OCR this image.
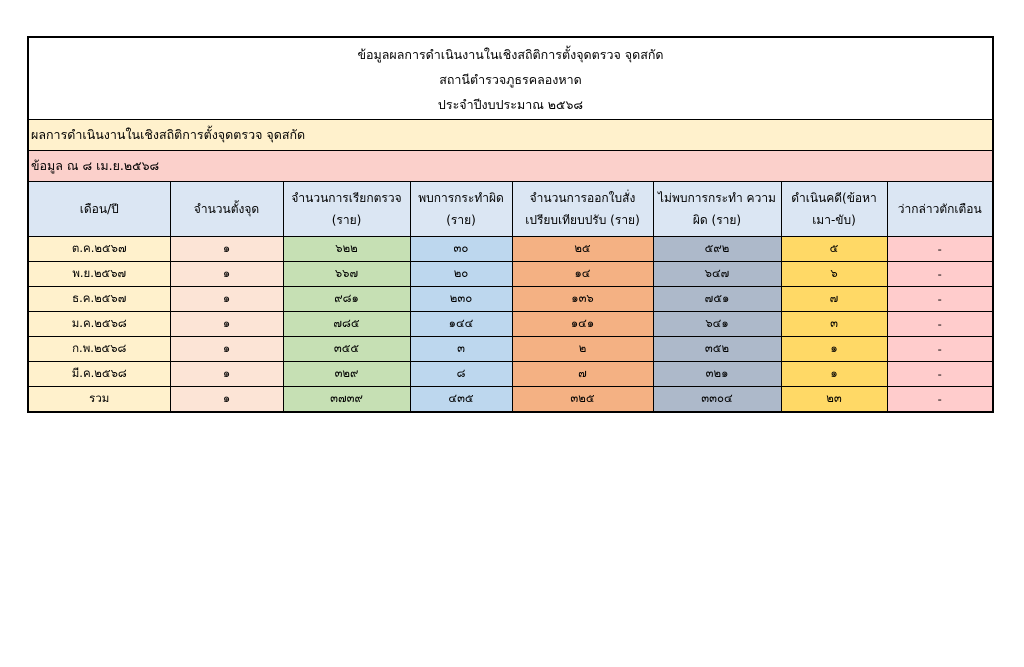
ข้อมูลผลการดำเนินงานในเชิงสถิติการตั้งจุดตรวจ จุดสกัด
สถานีตำรวจภูธรคลองหาด
ประจำปีงบประมาณ ๒๕๖๘
ผลการดำเนินงานในเชิงสถิติการตั้งจุดตรวจ จุดสกัด
ข้อมูล ณ ๘ เม.ย.๒๕๖๘
เดือน/ปี	จำนวนตั้งจุด	จำนวนการเรียกตรวจ (ราย)	พบการกระทำผิด (ราย)	จำนวนการออกใบสั่ง เปรียบเทียบปรับ (ราย)	ไม่พบการกระทำ ความผิด (ราย)	ดำเนินคดี(ข้อหา เมา-ขับ)	ว่ากล่าวตักเตือน
ต.ค.๒๕๖๗	๑	๖๒๒	๓๐	๒๕	๕๙๒	๕	-
พ.ย.๒๕๖๗	๑	๖๖๗	๒๐	๑๔	๖๔๗	๖	-
ธ.ค.๒๕๖๗	๑	๙๘๑	๒๓๐	๑๓๖	๗๕๑	๗	-
ม.ค.๒๕๖๘	๑	๗๘๕	๑๔๔	๑๔๑	๖๔๑	๓	-
ก.พ.๒๕๖๘	๑	๓๕๕	๓	๒	๓๕๒	๑	-
มี.ค.๒๕๖๘	๑	๓๒๙	๘	๗	๓๒๑	๑	-
รวม	๑	๓๗๓๙	๔๓๕	๓๒๕	๓๓๐๔	๒๓	-
